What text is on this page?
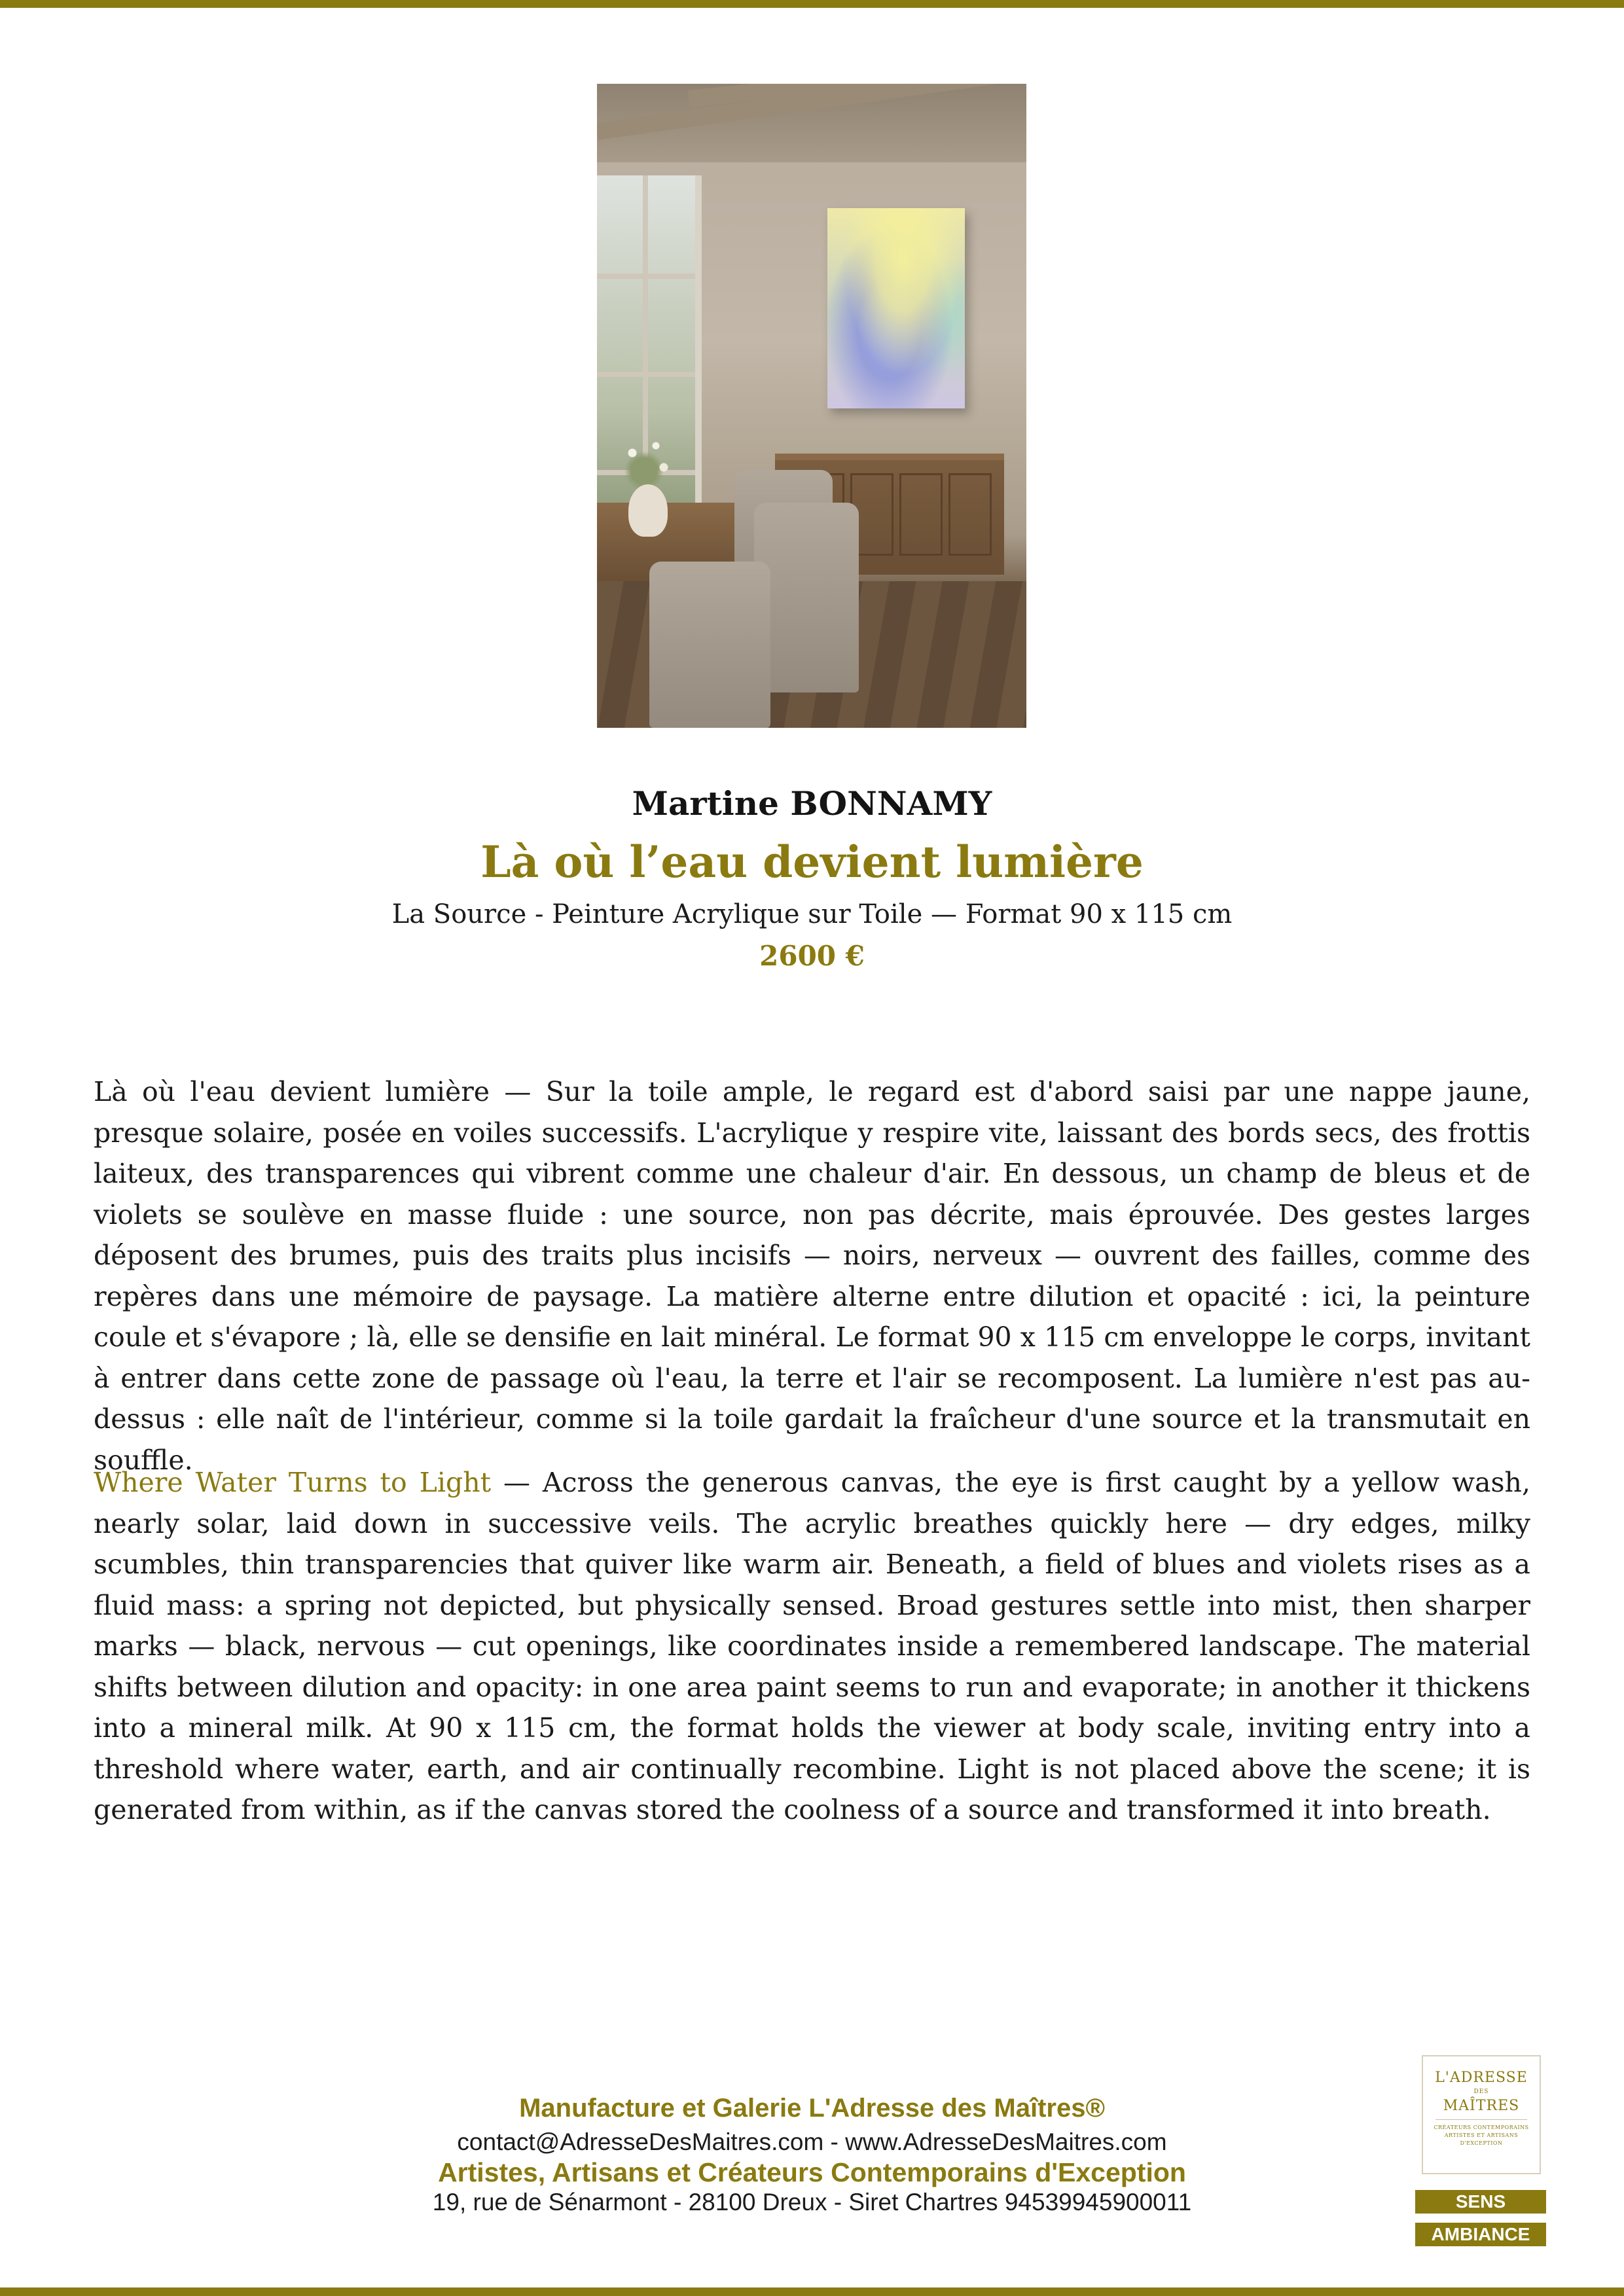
Martine BONNAMY
Là où l’eau devient lumière
La Source - Peinture Acrylique sur Toile — Format 90 x 115 cm
2600 €

Là où l'eau devient lumière — Sur la toile ample, le regard est d'abord saisi par une nappe jaune, presque solaire, posée en voiles successifs. L'acrylique y respire vite, laissant des bords secs, des frottis laiteux, des transparences qui vibrent comme une chaleur d'air. En dessous, un champ de bleus et de violets se soulève en masse fluide : une source, non pas décrite, mais éprouvée. Des gestes larges déposent des brumes, puis des traits plus incisifs — noirs, nerveux — ouvrent des failles, comme des repères dans une mémoire de paysage. La matière alterne entre dilution et opacité : ici, la peinture coule et s'évapore ; là, elle se densifie en lait minéral. Le format 90 x 115 cm enveloppe le corps, invitant à entrer dans cette zone de passage où l'eau, la terre et l'air se recomposent. La lumière n'est pas au-dessus : elle naît de l'intérieur, comme si la toile gardait la fraîcheur d'une source et la transmutait en souffle.

Where Water Turns to Light — Across the generous canvas, the eye is first caught by a yellow wash, nearly solar, laid down in successive veils. The acrylic breathes quickly here — dry edges, milky scumbles, thin transparencies that quiver like warm air. Beneath, a field of blues and violets rises as a fluid mass: a spring not depicted, but physically sensed. Broad gestures settle into mist, then sharper marks — black, nervous — cut openings, like coordinates inside a remembered landscape. The material shifts between dilution and opacity: in one area paint seems to run and evaporate; in another it thickens into a mineral milk. At 90 x 115 cm, the format holds the viewer at body scale, inviting entry into a threshold where water, earth, and air continually recombine. Light is not placed above the scene; it is generated from within, as if the canvas stored the coolness of a source and transformed it into breath.

Manufacture et Galerie L'Adresse des Maîtres®
contact@AdresseDesMaitres.com - www.AdresseDesMaitres.com
Artistes, Artisans et Créateurs Contemporains d'Exception
19, rue de Sénarmont - 28100 Dreux - Siret Chartres 94539945900011
L'ADRESSE
DES
MAÎTRES
CRÉATEURS CONTEMPORAINS ARTISTES ET ARTISANS D'EXCEPTION
SENS
AMBIANCE
